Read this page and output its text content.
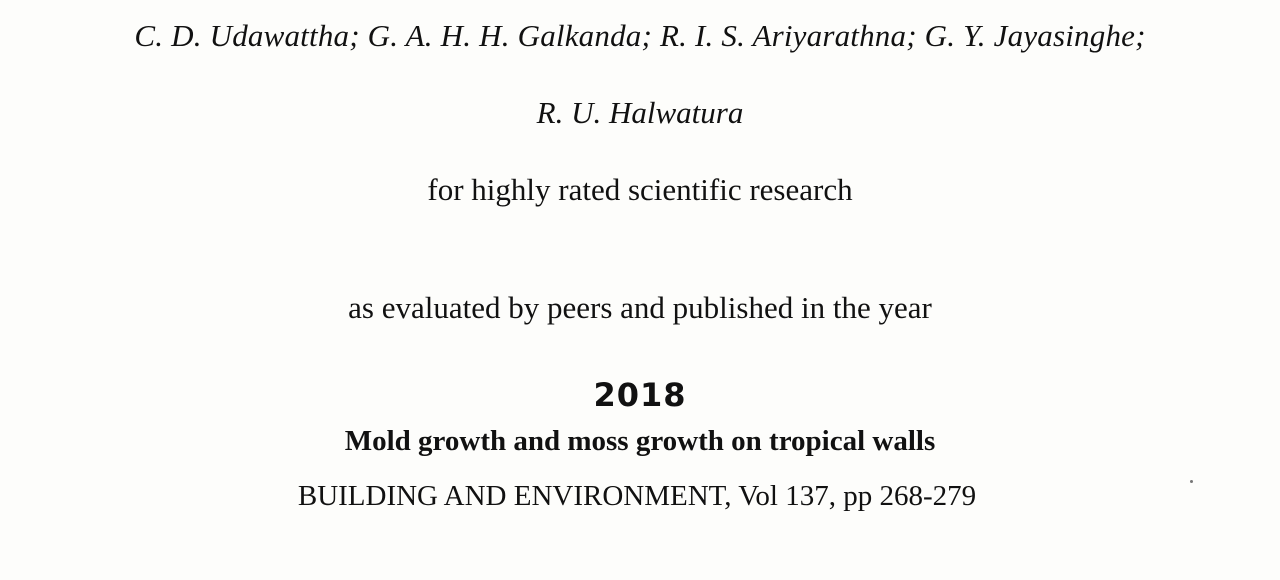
C. D. Udawattha; G. A. H. H. Galkanda; R. I. S. Ariyarathna; G. Y. Jayasinghe;
R. U. Halwatura
for highly rated scientific research
as evaluated by peers and published in the year
2018
Mold growth and moss growth on tropical walls
BUILDING AND ENVIRONMENT, Vol 137, pp 268-279
